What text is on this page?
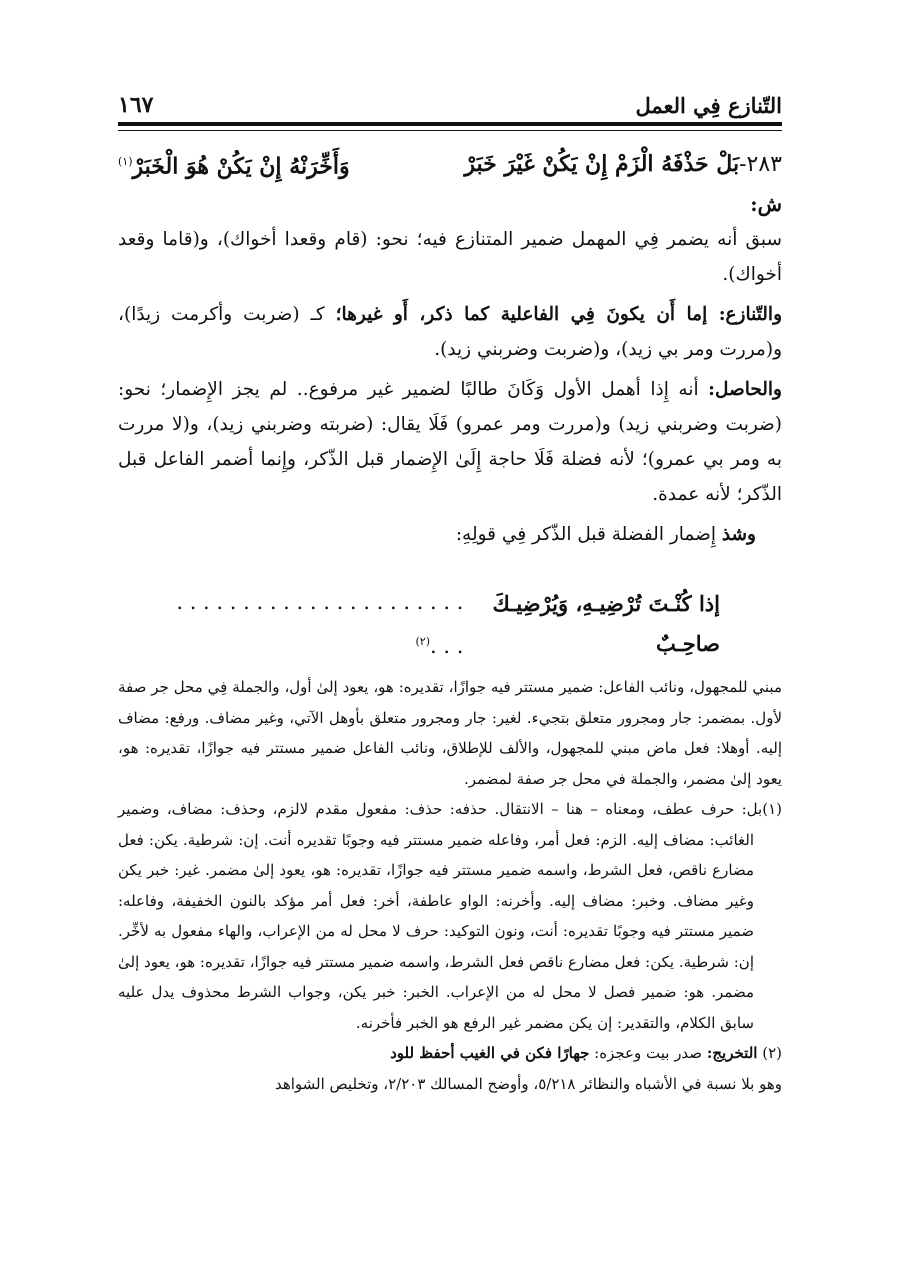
التّنازع فِي العمل
١٦٧
٢٨٣-بَلْ حَذْفَهُ الْزَمْ إِنْ يَكُنْ غَيْرَ خَبَرْ
وَأَخِّرَنْهُ إِنْ يَكُنْ هُوَ الْخَبَرْ$^{(١)}$

ش:

سبق أنه يضمر فِي المهمل ضمير المتنازع فيه؛ نحو: (قام وقعدا أخواك)، و(قاما وقعد أخواك).

والتّنازع: إما أَن يكونَ فِي الفاعلية كما ذكر، أَو غيرها؛ كـ (ضربت وأكرمت زيدًا)، و(مررت ومر بي زيد)، و(ضربت وضربني زيد).

والحاصل: أنه إِذا أهمل الأول وَكَانَ طالبًا لضمير غير مرفوع.. لم يجز الإِضمار؛ نحو: (ضربت وضربني زيد) و(مررت ومر عمرو) فَلَا يقال: (ضربته وضربني زيد)، و(لا مررت به ومر بي عمرو)؛ لأنه فضلة فَلَا حاجة إِلَىٰ الإِضمار قبل الذّكر، وإِنما أضمر الفاعل قبل الذّكر؛ لأنه عمدة.

وشذ إِضمار الفضلة قبل الذّكر فِي قولِهِ:

إذا كُنْـتَ تُرْضِيـهِ، وَيُرْضِيـكَ صاحِـبٌ
. . . . . . . . . . . . . . . . . . . . . . . . .$^{(٢)}$

مبني للمجهول، ونائب الفاعل: ضمير مستتر فيه جوازًا، تقديره: هو، يعود إلىٰ أول، والجملة فِي محل جر صفة لأول. بمضمر: جار ومجرور متعلق بتجيء. لغير: جار ومجرور متعلق بأوهل الآتي، وغير مضاف. ورفع: مضاف إليه. أوهلا: فعل ماض مبني للمجهول، والألف للإطلاق، ونائب الفاعل ضمير مستتر فيه جوازًا، تقديره: هو، يعود إلىٰ مضمر، والجملة في محل جر صفة لمضمر.

(١)بل: حرف عطف، ومعناه – هنا – الانتقال. حذفه: حذف: مفعول مقدم لالزم، وحذف: مضاف، وضمير الغائب: مضاف إليه. الزم: فعل أمر، وفاعله ضمير مستتر فيه وجوبًا تقديره أنت. إن: شرطية. يكن: فعل مضارع ناقص، فعل الشرط، واسمه ضمير مستتر فيه جوازًا، تقديره: هو، يعود إلىٰ مضمر. غير: خبر يكن وغير مضاف. وخبر: مضاف إليه. وأخرنه: الواو عاطفة، أخر: فعل أمر مؤكد بالنون الخفيفة، وفاعله: ضمير مستتر فيه وجوبًا تقديره: أنت، ونون التوكيد: حرف لا محل له من الإعراب، والهاء مفعول به لأخِّر. إن: شرطية. يكن: فعل مضارع ناقص فعل الشرط، واسمه ضمير مستتر فيه جوازًا، تقديره: هو، يعود إلىٰ مضمر. هو: ضمير فصل لا محل له من الإعراب. الخبر: خبر يكن، وجواب الشرط محذوف يدل عليه سابق الكلام، والتقدير: إن يكن مضمر غير الرفع هو الخبر فأخرنه.

(٢) التخريج: صدر بيت وعجزه: جهارًا فكن في الغيب أحفظ للود

وهو بلا نسبة في الأشباه والنظائر ٥/٢١٨، وأوضح المسالك ٢/٢٠٣، وتخليص الشواهد
